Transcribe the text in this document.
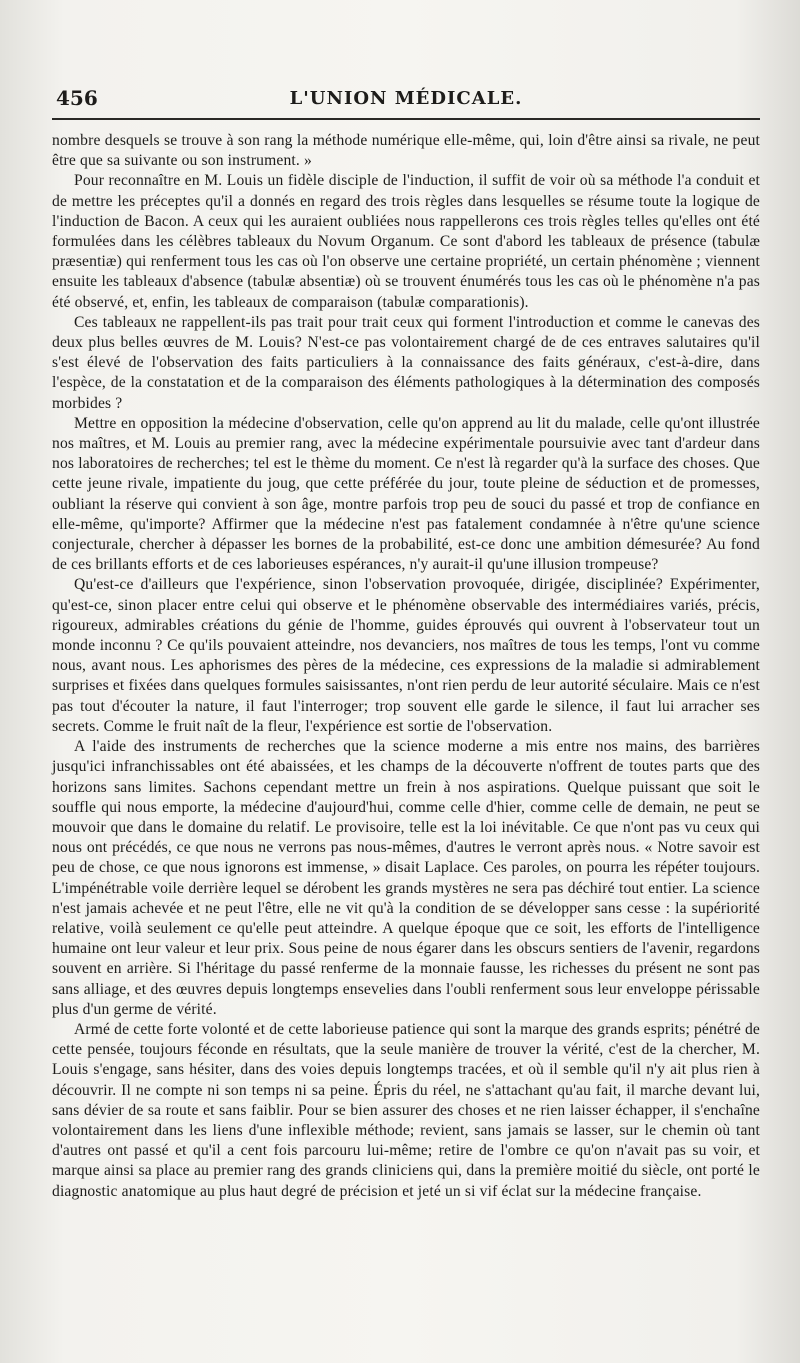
456	L'UNION MÉDICALE.

nombre desquels se trouve à son rang la méthode numérique elle-même, qui, loin d'être ainsi sa rivale, ne peut être que sa suivante ou son instrument. »

Pour reconnaître en M. Louis un fidèle disciple de l'induction, il suffit de voir où sa méthode l'a conduit et de mettre les préceptes qu'il a donnés en regard des trois règles dans lesquelles se résume toute la logique de l'induction de Bacon. A ceux qui les auraient oubliées nous rappellerons ces trois règles telles qu'elles ont été formulées dans les célèbres tableaux du Novum Organum. Ce sont d'abord les tableaux de présence (tabulæ præsentiæ) qui renferment tous les cas où l'on observe une certaine propriété, un certain phénomène ; viennent ensuite les tableaux d'absence (tabulæ absentiæ) où se trouvent énumérés tous les cas où le phénomène n'a pas été observé, et, enfin, les tableaux de comparaison (tabulæ comparationis).

Ces tableaux ne rappellent-ils pas trait pour trait ceux qui forment l'introduction et comme le canevas des deux plus belles œuvres de M. Louis? N'est-ce pas volontairement chargé de de ces entraves salutaires qu'il s'est élevé de l'observation des faits particuliers à la connaissance des faits généraux, c'est-à-dire, dans l'espèce, de la constatation et de la comparaison des éléments pathologiques à la détermination des composés morbides ?

Mettre en opposition la médecine d'observation, celle qu'on apprend au lit du malade, celle qu'ont illustrée nos maîtres, et M. Louis au premier rang, avec la médecine expérimentale poursuivie avec tant d'ardeur dans nos laboratoires de recherches; tel est le thème du moment. Ce n'est là regarder qu'à la surface des choses. Que cette jeune rivale, impatiente du joug, que cette préférée du jour, toute pleine de séduction et de promesses, oubliant la réserve qui convient à son âge, montre parfois trop peu de souci du passé et trop de confiance en elle-même, qu'importe? Affirmer que la médecine n'est pas fatalement condamnée à n'être qu'une science conjecturale, chercher à dépasser les bornes de la probabilité, est-ce donc une ambition démesurée? Au fond de ces brillants efforts et de ces laborieuses espérances, n'y aurait-il qu'une illusion trompeuse?

Qu'est-ce d'ailleurs que l'expérience, sinon l'observation provoquée, dirigée, disciplinée? Expérimenter, qu'est-ce, sinon placer entre celui qui observe et le phénomène observable des intermédiaires variés, précis, rigoureux, admirables créations du génie de l'homme, guides éprouvés qui ouvrent à l'observateur tout un monde inconnu ? Ce qu'ils pouvaient atteindre, nos devanciers, nos maîtres de tous les temps, l'ont vu comme nous, avant nous. Les aphorismes des pères de la médecine, ces expressions de la maladie si admirablement surprises et fixées dans quelques formules saisissantes, n'ont rien perdu de leur autorité séculaire. Mais ce n'est pas tout d'écouter la nature, il faut l'interroger; trop souvent elle garde le silence, il faut lui arracher ses secrets. Comme le fruit naît de la fleur, l'expérience est sortie de l'observation.

A l'aide des instruments de recherches que la science moderne a mis entre nos mains, des barrières jusqu'ici infranchissables ont été abaissées, et les champs de la découverte n'offrent de toutes parts que des horizons sans limites. Sachons cependant mettre un frein à nos aspirations. Quelque puissant que soit le souffle qui nous emporte, la médecine d'aujourd'hui, comme celle d'hier, comme celle de demain, ne peut se mouvoir que dans le domaine du relatif. Le provisoire, telle est la loi inévitable. Ce que n'ont pas vu ceux qui nous ont précédés, ce que nous ne verrons pas nous-mêmes, d'autres le verront après nous. « Notre savoir est peu de chose, ce que nous ignorons est immense, » disait Laplace. Ces paroles, on pourra les répéter toujours. L'impénétrable voile derrière lequel se dérobent les grands mystères ne sera pas déchiré tout entier. La science n'est jamais achevée et ne peut l'être, elle ne vit qu'à la condition de se développer sans cesse : la supériorité relative, voilà seulement ce qu'elle peut atteindre. A quelque époque que ce soit, les efforts de l'intelligence humaine ont leur valeur et leur prix. Sous peine de nous égarer dans les obscurs sentiers de l'avenir, regardons souvent en arrière. Si l'héritage du passé renferme de la monnaie fausse, les richesses du présent ne sont pas sans alliage, et des œuvres depuis longtemps ensevelies dans l'oubli renferment sous leur enveloppe périssable plus d'un germe de vérité.

Armé de cette forte volonté et de cette laborieuse patience qui sont la marque des grands esprits; pénétré de cette pensée, toujours féconde en résultats, que la seule manière de trouver la vérité, c'est de la chercher, M. Louis s'engage, sans hésiter, dans des voies depuis longtemps tracées, et où il semble qu'il n'y ait plus rien à découvrir. Il ne compte ni son temps ni sa peine. Épris du réel, ne s'attachant qu'au fait, il marche devant lui, sans dévier de sa route et sans faiblir. Pour se bien assurer des choses et ne rien laisser échapper, il s'enchaîne volontairement dans les liens d'une inflexible méthode; revient, sans jamais se lasser, sur le chemin où tant d'autres ont passé et qu'il a cent fois parcouru lui-même; retire de l'ombre ce qu'on n'avait pas su voir, et marque ainsi sa place au premier rang des grands cliniciens qui, dans la première moitié du siècle, ont porté le diagnostic anatomique au plus haut degré de précision et jeté un si vif éclat sur la médecine française.
